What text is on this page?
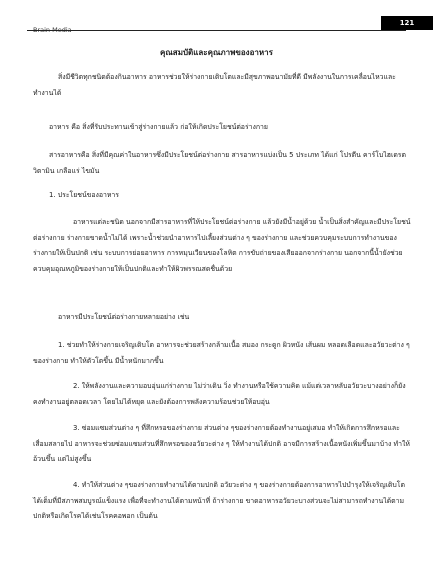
Brain Media
121
คุณสมบัติและคุณภาพของอาหาร

สิ่งมีชีวิตทุกชนิดต้องกินอาหาร อาหารช่วยให้ร่างกายเติบโตและมีสุขภาพอนามัยที่ดี มีพลังงานในการเคลื่อนไหวและทำงานได้

อาหาร คือ สิ่งที่รับประทานเข้าสู่ร่างกายแล้ว ก่อให้เกิดประโยชน์ต่อร่างกาย

สารอาหารคือ สิ่งที่มีคุณค่าในอาหารซึ่งมีประโยชน์ต่อร่างกาย สารอาหารแบ่งเป็น 5 ประเภท ได้แก่ โปรตีน คาร์โบไฮเดรต วิตามิน เกลือแร่ ไขมัน

1. ประโยชน์ของอาหาร

อาหารแต่ละชนิด นอกจากมีสารอาหารที่ให้ประโยชน์ต่อร่างกาย แล้วยังมีน้ำอยู่ด้วย น้ำเป็นสิ่งสำคัญและมีประโยชน์ต่อร่างกาย ร่างกายขาดน้ำไม่ได้ เพราะน้ำช่วยนำอาหารไปเลี้ยงส่วนต่าง ๆ ของร่างกาย และช่วยควบคุมระบบการทำงานของร่างกายให้เป็นปกติ เช่น ระบบการย่อยอาหาร การหมุนเวียนของโลหิต การขับถ่ายของเสียออกจากร่างกาย นอกจากนี้น้ำยังช่วยควบคุมอุณหภูมิของร่างกายให้เป็นปกติและทำให้ผิวพรรณสดชื่นด้วย

อาหารมีประโยชน์ต่อร่างกายหลายอย่าง เช่น

1. ช่วยทำให้ร่างกายเจริญเติบโต อาหารจะช่วยสร้างกล้ามเนื้อ สมอง กระดูก ผิวหนัง เส้นผม หลอดเลือดและอวัยวะต่าง ๆของร่างกาย ทำให้ตัวโตขึ้น มีน้ำหนักมากขึ้น

2. ให้พลังงานและความอบอุ่นแก่ร่างกาย ไม่ว่าเดิน วิ่ง ทำงานหรือใช้ความคิด แม้แต่เวลาหลับอวัยวะบางอย่างก็ยังคงทำงานอยู่ตลอดเวลา โดยไม่ได้หยุด และยังต้องการพลังความร้อนช่วยให้อบอุ่น

3. ซ่อมแซมส่วนต่าง ๆ ที่สึกหรอของร่างกาย ส่วนต่าง ๆของร่างกายต้องทำงานอยู่เสมอ ทำให้เกิดการสึกหรอและเสื่อมสลายไป อาหารจะช่วยซ่อมแซมส่วนที่สึกหรอของอวัยวะต่าง ๆ ให้ทำงานได้ปกติ อาจมีการสร้างเนื้อหนังเพิ่มขึ้นมาบ้าง ทำให้อ้วนขึ้น แต่ไม่สูงขึ้น

4. ทำให้ส่วนต่าง ๆของร่างกายทำงานได้ตามปกติ อวัยวะต่าง ๆ ของร่างกายต้องการอาหารไปบำรุงให้เจริญเติบโตได้เต็มที่มีสภาพสมบูรณ์แข็งแรง เพื่อที่จะทำงานได้ตามหน้าที่ ถ้าร่างกาย ขาดอาหารอวัยวะบางส่วนจะไม่สามารถทำงานได้ตามปกติหรือเกิดโรคได้เช่นโรคคอพอก เป็นต้น
